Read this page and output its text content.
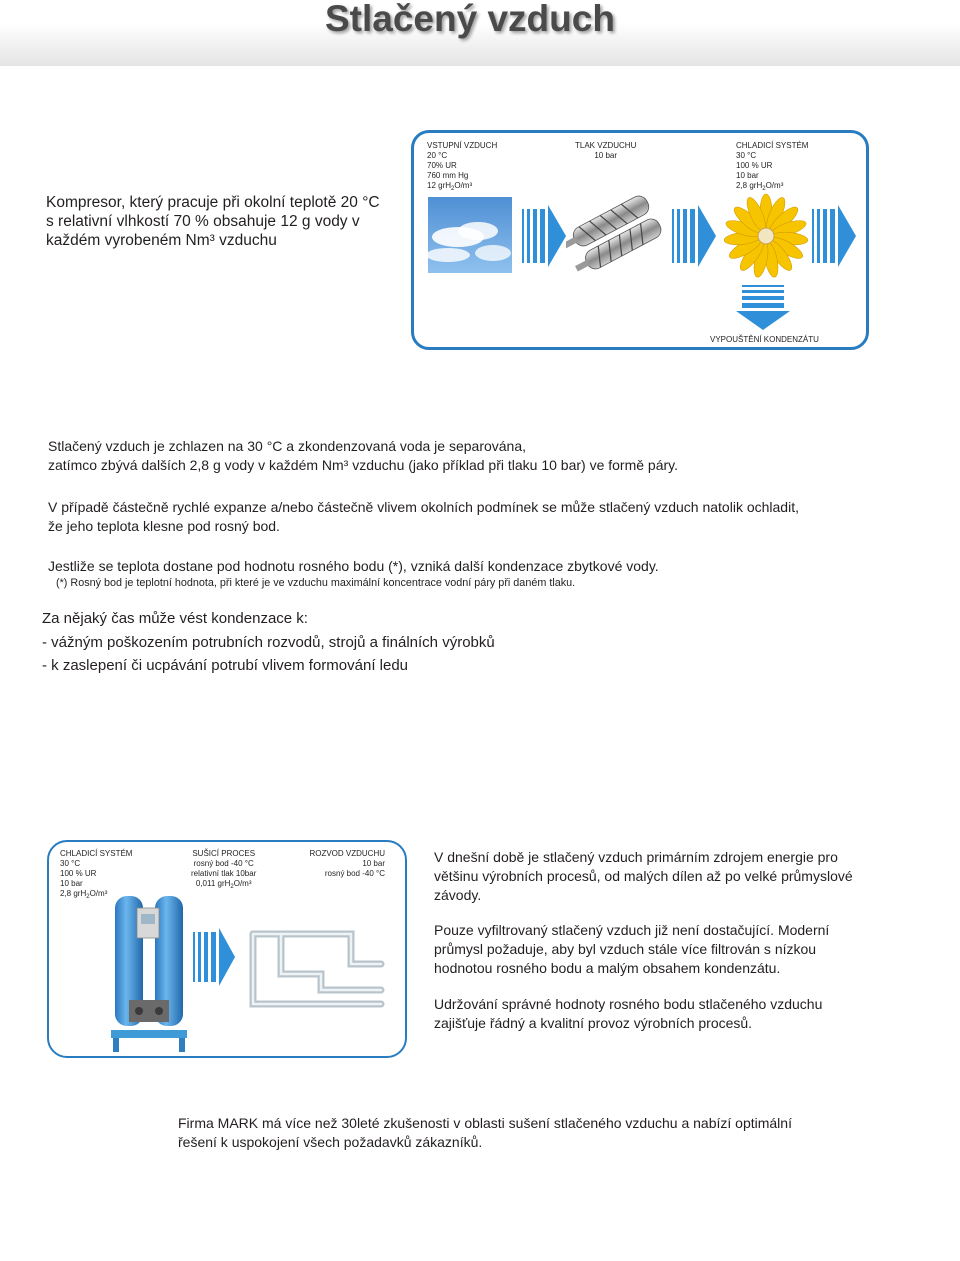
Stlačený vzduch
Kompresor, který pracuje při okolní teplotě 20 °C s relativní vlhkostí 70 % obsahuje 12 g vody v každém vyrobeném Nm³ vzduchu
VSTUPNÍ VZDUCH
20 °C
70% UR
760 mm Hg
12 grH$_2$O/m³
TLAK VZDUCHU
10 bar
CHLADICÍ SYSTÉM
30 °C
100 % UR
10 bar
2,8 grH$_2$O/m³
VYPOUŠTĚNÍ KONDENZÁTU
Stlačený vzduch je zchlazen na 30 °C a zkondenzovaná voda je separována,
zatímco zbývá dalších 2,8 g vody v každém Nm³ vzduchu (jako příklad při tlaku 10 bar) ve formě páry.
V případě částečně rychlé expanze a/nebo částečně vlivem okolních podmínek se může stlačený vzduch natolik ochladit,
že jeho teplota klesne pod rosný bod.
Jestliže se teplota dostane pod hodnotu rosného bodu (*), vzniká další kondenzace zbytkové vody.
(*) Rosný bod je teplotní hodnota, při které je ve vzduchu maximální koncentrace vodní páry při daném tlaku.
Za nějaký čas může vést kondenzace k:
- vážným poškozením potrubních rozvodů, strojů a finálních výrobků
- k zaslepení či ucpávání potrubí vlivem formování ledu
CHLADICÍ SYSTÉM
30 °C
100 % UR
10 bar
2,8 grH$_2$O/m³
SUŠICÍ PROCES
rosný bod -40 °C
relativní tlak 10bar
0,011 grH$_2$O/m³
ROZVOD VZDUCHU
10 bar
rosný bod -40 °C
V dnešní době je stlačený vzduch primárním zdrojem energie pro většinu výrobních procesů, od malých dílen až po velké průmyslové závody.
Pouze vyfiltrovaný stlačený vzduch již není dostačující. Moderní průmysl požaduje, aby byl vzduch stále více filtrován s nízkou hodnotou rosného bodu a malým obsahem kondenzátu.
Udržování správné hodnoty rosného bodu stlačeného vzduchu zajišťuje řádný a kvalitní provoz výrobních procesů.
Firma MARK má více než 30leté zkušenosti v oblasti sušení stlačeného vzduchu a nabízí optimální řešení k uspokojení všech požadavků zákazníků.
